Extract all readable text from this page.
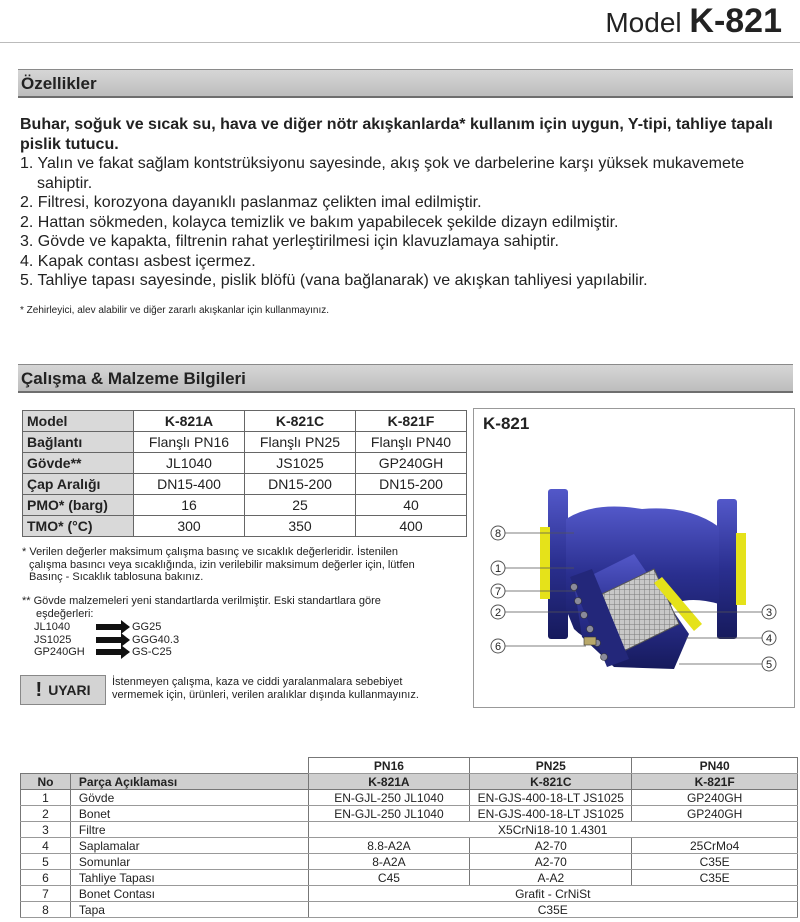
Model K-821
Özellikler
Buhar, soğuk ve sıcak su, hava ve diğer nötr akışkanlarda* kullanım için uygun, Y-tipi, tahliye tapalı pislik tutucu.
1. Yalın ve fakat sağlam kontstrüksiyonu sayesinde, akış şok ve darbelerine karşı yüksek mukavemete sahiptir.
2. Filtresi, korozyona dayanıklı paslanmaz çelikten imal edilmiştir.
2. Hattan sökmeden, kolayca temizlik ve bakım yapabilecek şekilde dizayn edilmiştir.
3. Gövde ve kapakta, filtrenin rahat yerleştirilmesi için klavuzlamaya sahiptir.
4. Kapak contası asbest içermez.
5. Tahliye tapası sayesinde, pislik blöfü (vana bağlanarak) ve akışkan tahliyesi yapılabilir.
* Zehirleyici, alev alabilir ve diğer zararlı akışkanlar için kullanmayınız.
Çalışma & Malzeme Bilgileri
Model	K-821A	K-821C	K-821F
Bağlantı	Flanşlı PN16	Flanşlı PN25	Flanşlı PN40
Gövde**	JL1040	JS1025	GP240GH
Çap Aralığı	DN15-400	DN15-200	DN15-200
PMO* (barg)	16	25	40
TMO* (°C)	300	350	400
* Verilen değerler maksimum çalışma basınç ve sıcaklık değerleridir. İstenilen
çalışma basıncı veya sıcaklığında, izin verilebilir maksimum değerler için, lütfen
Basınç - Sıcaklık tablosuna bakınız.
** Gövde malzemeleri yeni standartlarda verilmiştir. Eski standartlara göre
eşdeğerleri:
JL1040	GG25
JS1025	GGG40.3
GP240GH	GS-C25
! UYARI İstenmeyen çalışma, kaza ve ciddi yaralanmalara sebebiyet vermemek için, ürünleri, verilen aralıklar dışında kullanmayınız.
K-821
8
1
7
2
6
3
4
5
		PN16	PN25	PN40
No	Parça Açıklaması	K-821A	K-821C	K-821F
1	Gövde	EN-GJL-250 JL1040	EN-GJS-400-18-LT JS1025	GP240GH
2	Bonet	EN-GJL-250 JL1040	EN-GJS-400-18-LT JS1025	GP240GH
3	Filtre	X5CrNi18-10 1.4301		
4	Saplamalar	8.8-A2A	A2-70	25CrMo4
5	Somunlar	8-A2A	A2-70	C35E
6	Tahliye Tapası	C45	A-A2	C35E
7	Bonet Contası	Grafit - CrNiSt		
8	Tapa	C35E		
